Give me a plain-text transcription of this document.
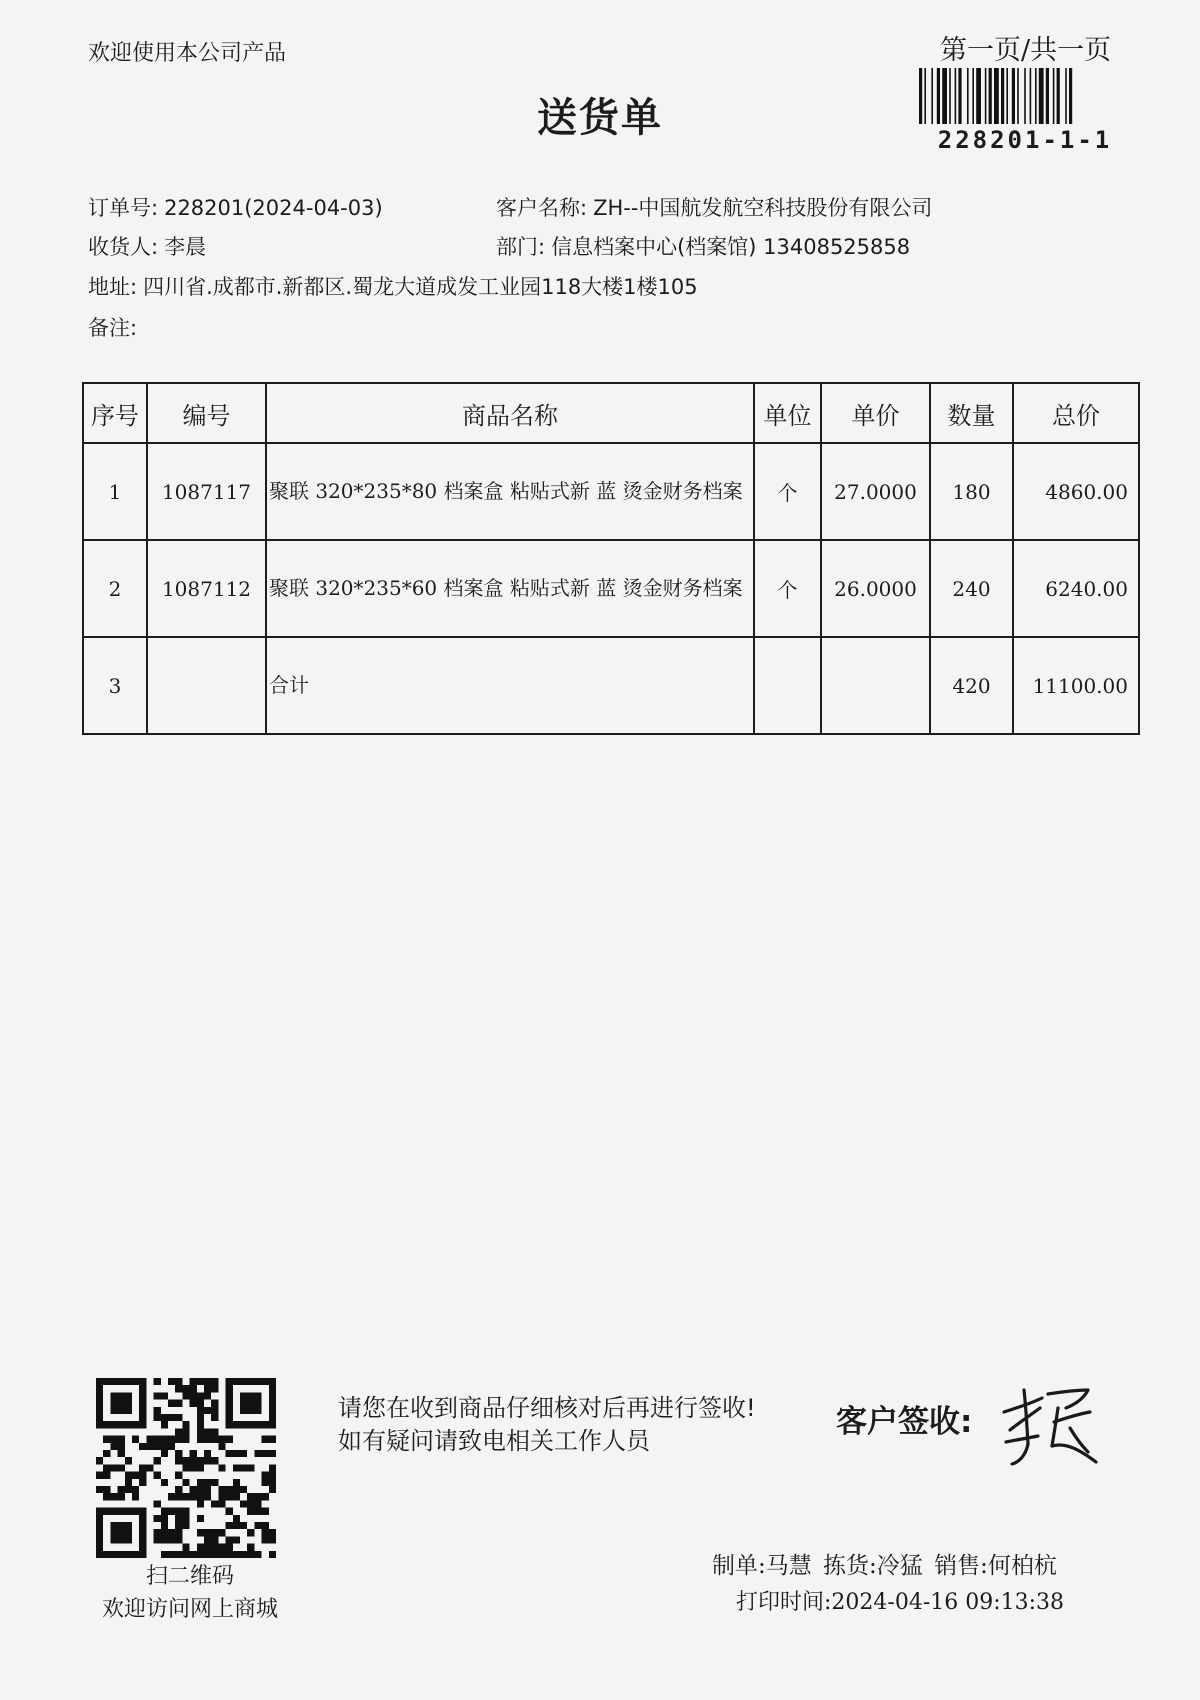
欢迎使用本公司产品	第一页/共一页
228201-1-1
送货单
订单号: 228201(2024-04-03)	客户名称: ZH--中国航发航空科技股份有限公司
收货人: 李晨	部门: 信息档案中心(档案馆) 13408525858
地址: 四川省.成都市.新都区.蜀龙大道成发工业园118大楼1楼105
备注:
序号	编号	商品名称	单位	单价	数量	总价
1	1087117	聚联 320*235*80 档案盒 粘贴式新 蓝 烫金财务档案	个	27.0000	180	4860.00
2	1087112	聚联 320*235*60 档案盒 粘贴式新 蓝 烫金财务档案	个	26.0000	240	6240.00
3		合计			420	11100.00
扫二维码
欢迎访问网上商城
请您在收到商品仔细核对后再进行签收!如有疑问请致电相关工作人员
客户签收:
制单:马慧 拣货:冷猛 销售:何柏杭
打印时间:2024-04-16 09:13:38
